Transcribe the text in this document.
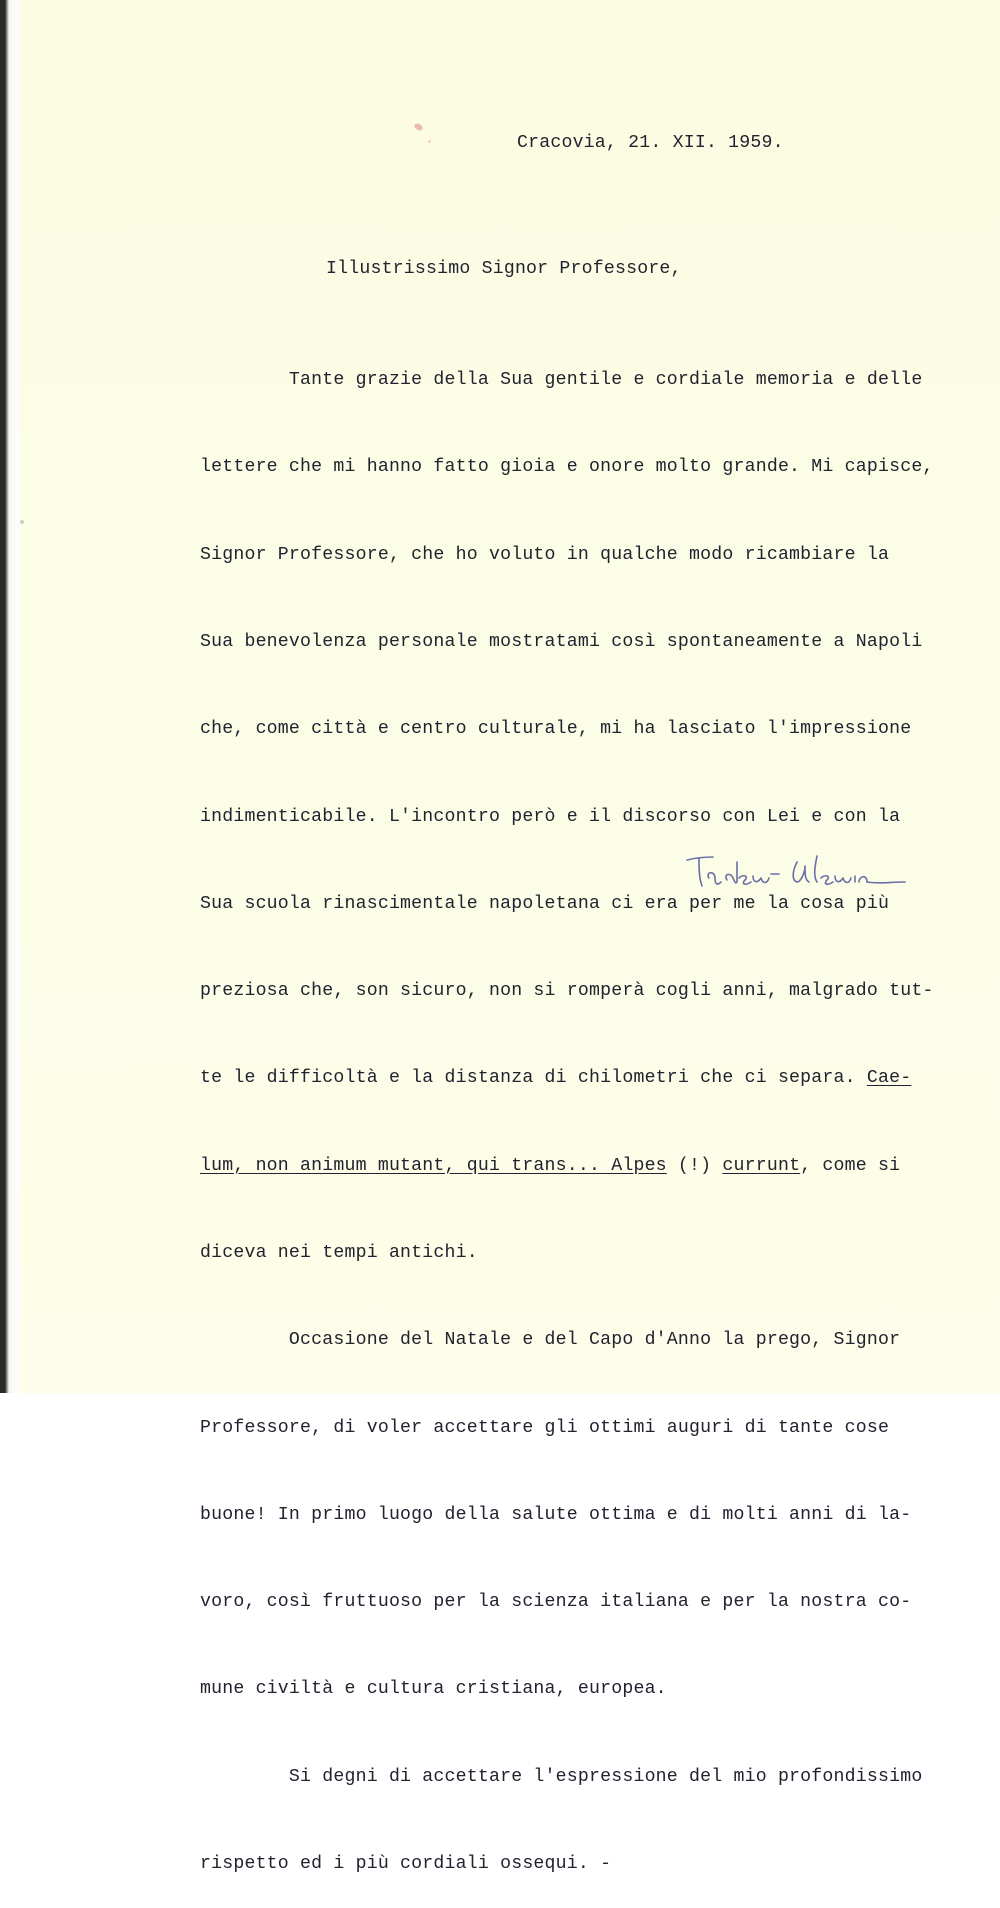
Cracovia, 21. XII. 1959.
Illustrissimo Signor Professore,

Tante grazie della Sua gentile e cordiale memoria e delle

lettere che mi hanno fatto gioia e onore molto grande. Mi capisce,

Signor Professore, che ho voluto in qualche modo ricambiare la

Sua benevolenza personale mostratami così spontaneamente a Napoli

che, come città e centro culturale, mi ha lasciato l'impressione

indimenticabile. L'incontro però e il discorso con Lei e con la

Sua scuola rinascimentale napoletana ci era per me la cosa più

preziosa che, son sicuro, non si romperà cogli anni, malgrado tut-

te le difficoltà e la distanza di chilometri che ci separa. Cae-

lum, non animum mutant, qui trans... Alpes (!) currunt, come si

diceva nei tempi antichi.

Occasione del Natale e del Capo d'Anno la prego, Signor

Professore, di voler accettare gli ottimi auguri di tante cose

buone! In primo luogo della salute ottima e di molti anni di la-

voro, così fruttuoso per la scienza italiana e per la nostra co-

mune civiltà e cultura cristiana, europea.

Si degni di accettare l'espressione del mio profondissimo

rispetto ed i più cordiali ossequi. -
